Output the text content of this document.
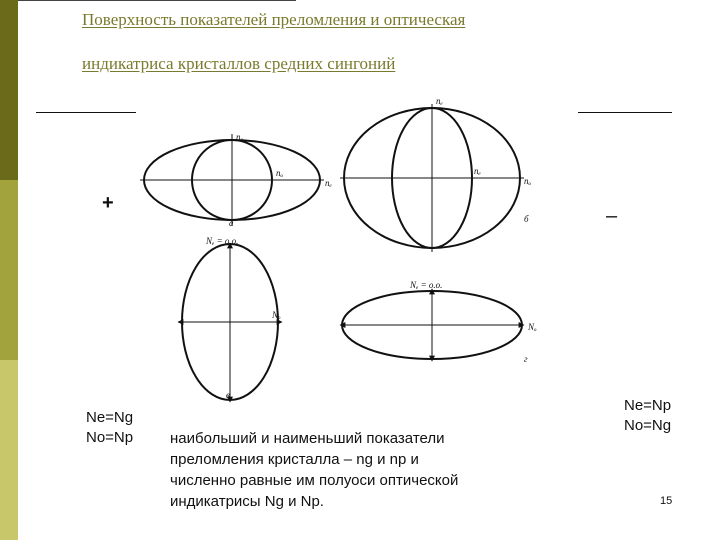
Поверхность показателей преломления и оптическая
индикатриса кристаллов средних сингоний
+
–
nₒ
nₑ
nₒ
а
nₑ
nₑ
nₒ
б
Nₑ = o.o.
Nₒ
в
Nₑ = o.o.
Nₒ
г
Ne=Ng
No=Np
Ne=Np
No=Ng
наибольший и наименьший показатели
преломления кристалла – ng и np и
численно равные им полуоси оптической
индикатрисы Ng и Np.	15
